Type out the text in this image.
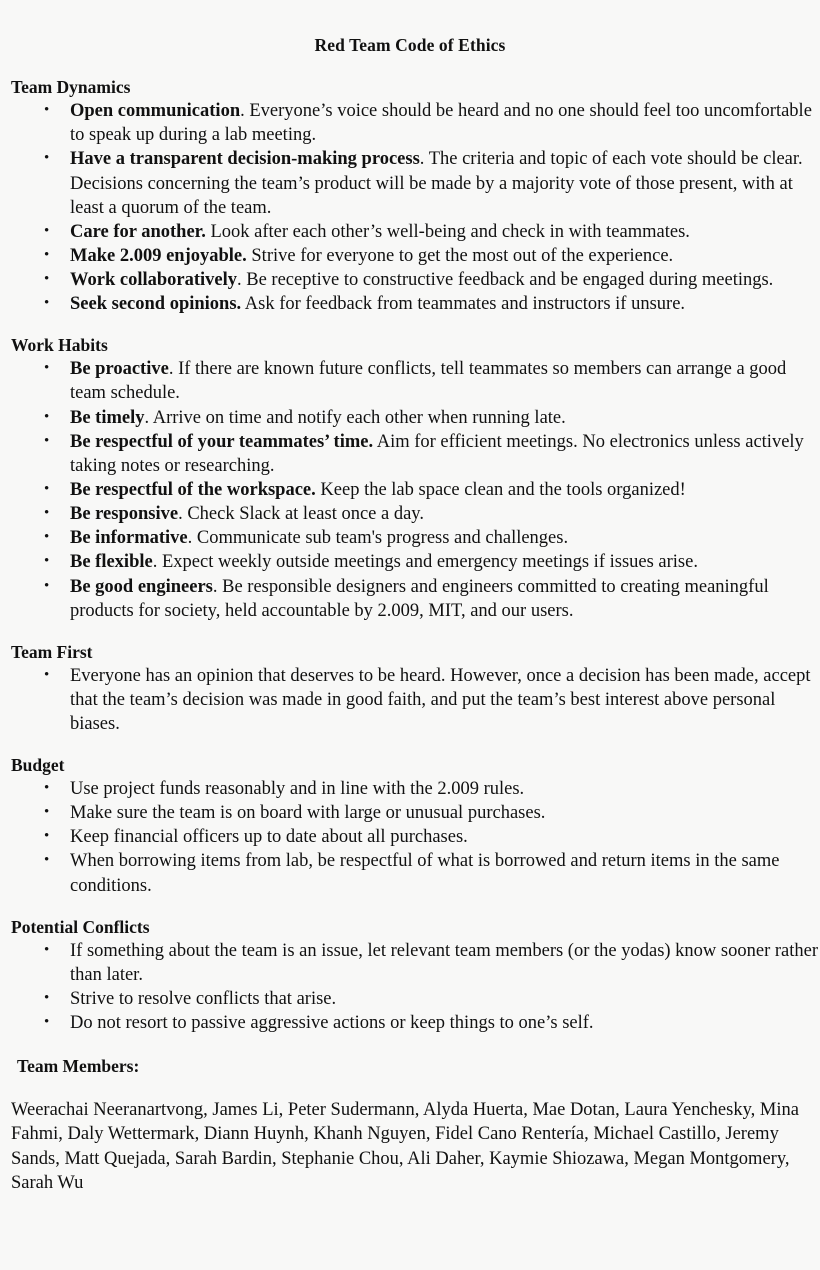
Red Team Code of Ethics
Team Dynamics
• Open communication. Everyone’s voice should be heard and no one should feel too uncomfortable to speak up during a lab meeting.
• Have a transparent decision-making process. The criteria and topic of each vote should be clear. Decisions concerning the team’s product will be made by a majority vote of those present, with at least a quorum of the team.
• Care for another. Look after each other’s well-being and check in with teammates.
• Make 2.009 enjoyable. Strive for everyone to get the most out of the experience.
• Work collaboratively. Be receptive to constructive feedback and be engaged during meetings.
• Seek second opinions. Ask for feedback from teammates and instructors if unsure.
Work Habits
• Be proactive. If there are known future conflicts, tell teammates so members can arrange a good team schedule.
• Be timely. Arrive on time and notify each other when running late.
• Be respectful of your teammates’ time. Aim for efficient meetings. No electronics unless actively taking notes or researching.
• Be respectful of the workspace. Keep the lab space clean and the tools organized!
• Be responsive. Check Slack at least once a day.
• Be informative. Communicate sub team's progress and challenges.
• Be flexible. Expect weekly outside meetings and emergency meetings if issues arise.
• Be good engineers. Be responsible designers and engineers committed to creating meaningful products for society, held accountable by 2.009, MIT, and our users.
Team First
• Everyone has an opinion that deserves to be heard. However, once a decision has been made, accept that the team’s decision was made in good faith, and put the team’s best interest above personal biases.
Budget
• Use project funds reasonably and in line with the 2.009 rules.
• Make sure the team is on board with large or unusual purchases.
• Keep financial officers up to date about all purchases.
• When borrowing items from lab, be respectful of what is borrowed and return items in the same conditions.
Potential Conflicts
• If something about the team is an issue, let relevant team members (or the yodas) know sooner rather than later.
• Strive to resolve conflicts that arise.
• Do not resort to passive aggressive actions or keep things to one’s self.
Team Members:
Weerachai Neeranartvong, James Li, Peter Sudermann, Alyda Huerta, Mae Dotan, Laura Yenchesky, Mina Fahmi, Daly Wettermark, Diann Huynh, Khanh Nguyen, Fidel Cano Rentería, Michael Castillo, Jeremy Sands, Matt Quejada, Sarah Bardin, Stephanie Chou, Ali Daher, Kaymie Shiozawa, Megan Montgomery, Sarah Wu
